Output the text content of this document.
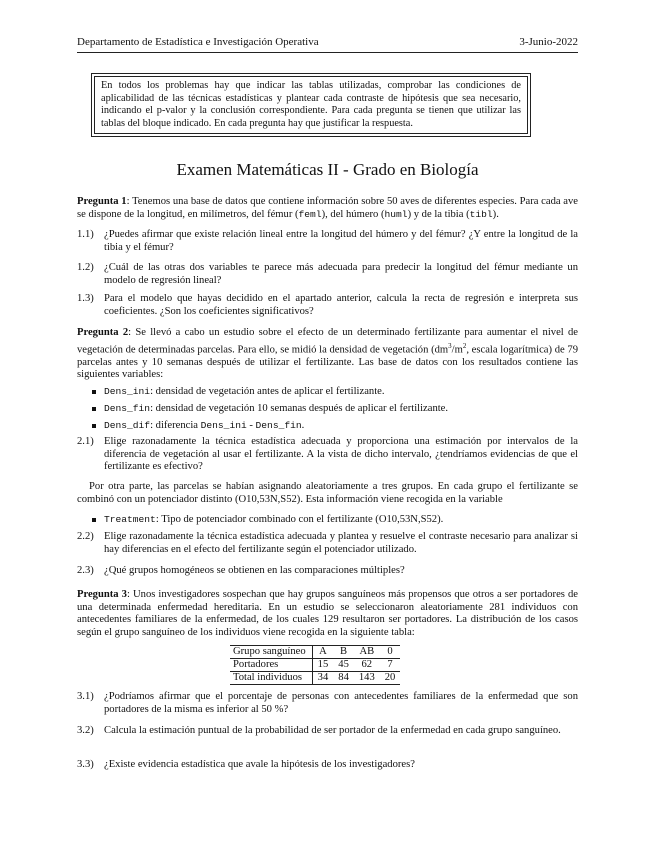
Departamento de Estadística e Investigación Operativa	3-Junio-2022
En todos los problemas hay que indicar las tablas utilizadas, comprobar las condiciones de aplicabilidad de las técnicas estadísticas y plantear cada contraste de hipótesis que sea necesario, indicando el p-valor y la conclusión correspondiente. Para cada pregunta se tienen que utilizar las tablas del bloque indicado. En cada pregunta hay que justificar la respuesta.
Examen Matemáticas II - Grado en Biología
Pregunta 1: Tenemos una base de datos que contiene información sobre 50 aves de diferentes especies. Para cada ave se dispone de la longitud, en milímetros, del fémur (feml), del húmero (huml) y de la tibia (tibl).
1.1) ¿Puedes afirmar que existe relación lineal entre la longitud del húmero y del fémur? ¿Y entre la longitud de la tibia y el fémur?
1.2) ¿Cuál de las otras dos variables te parece más adecuada para predecir la longitud del fémur mediante un modelo de regresión lineal?
1.3) Para el modelo que hayas decidido en el apartado anterior, calcula la recta de regresión e interpreta sus coeficientes. ¿Son los coeficientes significativos?
Pregunta 2: Se llevó a cabo un estudio sobre el efecto de un determinado fertilizante para aumentar el nivel de vegetación de determinadas parcelas. Para ello, se midió la densidad de vegetación ($dm^3/m^2$, escala logarítmica) de 79 parcelas antes y 10 semanas después de utilizar el fertilizante. Las base de datos con los resultados contiene las siguientes variables:
Dens_ini: densidad de vegetación antes de aplicar el fertilizante.
Dens_fin: densidad de vegetación 10 semanas después de aplicar el fertilizante.
Dens_dif: diferencia Dens_ini - Dens_fin.
2.1) Elige razonadamente la técnica estadística adecuada y proporciona una estimación por intervalos de la diferencia de vegetación al usar el fertilizante. A la vista de dicho intervalo, ¿tendríamos evidencias de que el fertilizante es efectivo?
Por otra parte, las parcelas se habían asignando aleatoriamente a tres grupos. En cada grupo el fertilizante se combinó con un potenciador distinto (O10,53N,S52). Esta información viene recogida en la variable
Treatment: Tipo de potenciador combinado con el fertilizante (O10,53N,S52).
2.2) Elige razonadamente la técnica estadística adecuada y plantea y resuelve el contraste necesario para analizar si hay diferencias en el efecto del fertilizante según el potenciador utilizado.
2.3) ¿Qué grupos homogéneos se obtienen en las comparaciones múltiples?
Pregunta 3: Unos investigadores sospechan que hay grupos sanguíneos más propensos que otros a ser portadores de una determinada enfermedad hereditaria. En un estudio se seleccionaron aleatoriamente 281 individuos con antecedentes familiares de la enfermedad, de los cuales 129 resultaron ser portadores. La distribución de los casos según el grupo sanguíneo de los individuos viene recogida en la siguiente tabla:
Grupo sanguíneo	A	B	AB	0
Portadores	15	45	62	7
Total individuos	34	84	143	20
3.1) ¿Podríamos afirmar que el porcentaje de personas con antecedentes familiares de la enfermedad que son portadores de la misma es inferior al 50 %?
3.2) Calcula la estimación puntual de la probabilidad de ser portador de la enfermedad en cada grupo sanguíneo.
3.3) ¿Existe evidencia estadística que avale la hipótesis de los investigadores?
